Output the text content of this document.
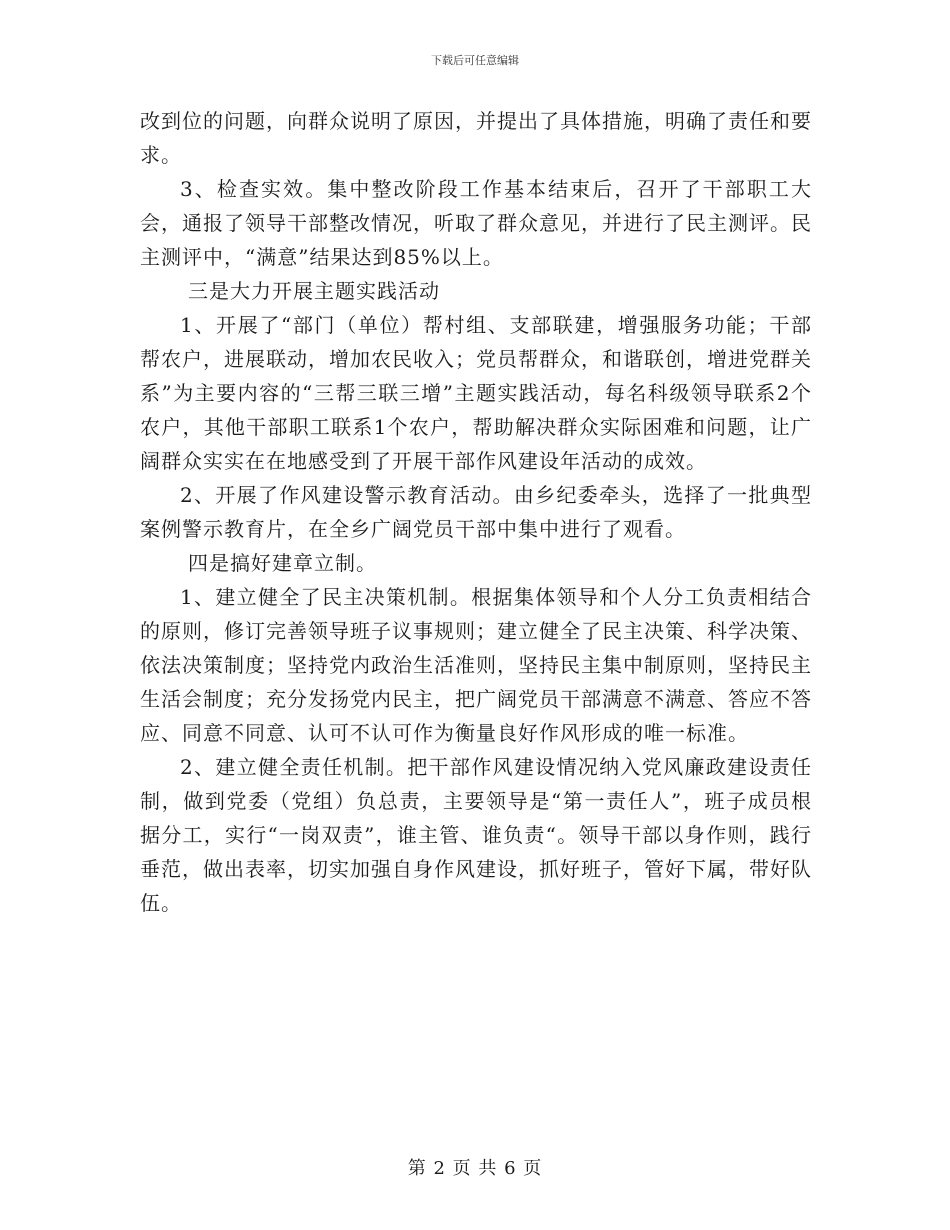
下载后可任意编辑

改到位的问题，向群众说明了原因，并提出了具体措施，明确了责任和要求。

3、检查实效。集中整改阶段工作基本结束后，召开了干部职工大会，通报了领导干部整改情况，听取了群众意见，并进行了民主测评。民主测评中，“满意”结果达到85%以上。

三是大力开展主题实践活动

1、开展了“部门（单位）帮村组、支部联建，增强服务功能；干部帮农户，进展联动，增加农民收入；党员帮群众，和谐联创，增进党群关系”为主要内容的“三帮三联三增”主题实践活动，每名科级领导联系2个农户，其他干部职工联系1个农户，帮助解决群众实际困难和问题，让广阔群众实实在在地感受到了开展干部作风建设年活动的成效。

2、开展了作风建设警示教育活动。由乡纪委牵头，选择了一批典型案例警示教育片，在全乡广阔党员干部中集中进行了观看。

四是搞好建章立制。

1、建立健全了民主决策机制。根据集体领导和个人分工负责相结合的原则，修订完善领导班子议事规则；建立健全了民主决策、科学决策、依法决策制度；坚持党内政治生活准则，坚持民主集中制原则，坚持民主生活会制度；充分发扬党内民主，把广阔党员干部满意不满意、答应不答应、同意不同意、认可不认可作为衡量良好作风形成的唯一标准。

2、建立健全责任机制。把干部作风建设情况纳入党风廉政建设责任制，做到党委（党组）负总责，主要领导是“第一责任人”，班子成员根据分工，实行“一岗双责”，谁主管、谁负责“。领导干部以身作则，践行垂范，做出表率，切实加强自身作风建设，抓好班子，管好下属，带好队伍。

第 2 页 共 6 页
